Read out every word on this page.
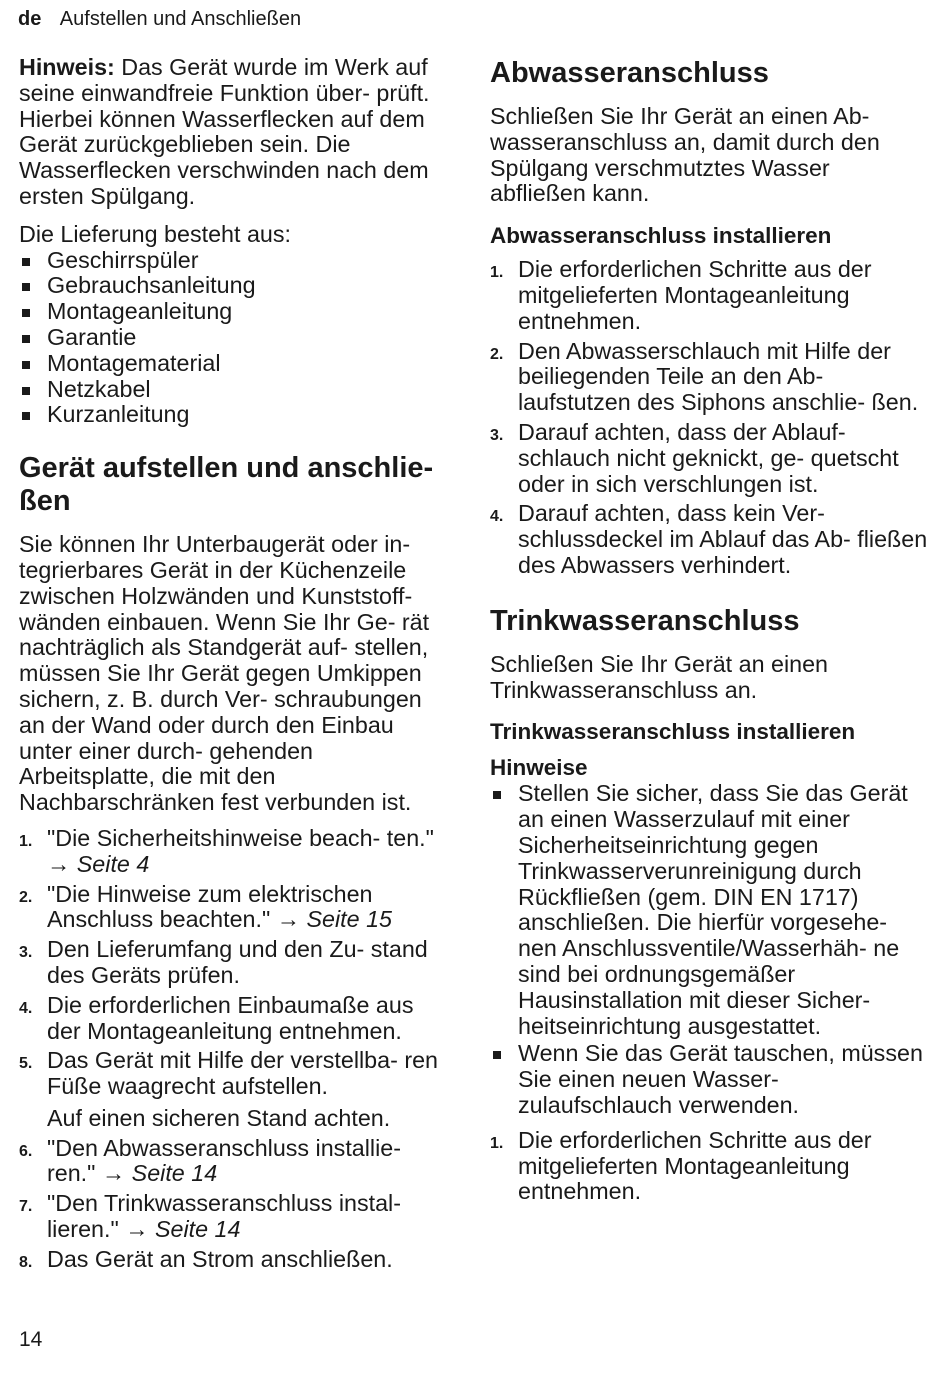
de Aufstellen und Anschließen

Hinweis: Das Gerät wurde im Werk auf seine einwandfreie Funktion über- prüft. Hierbei können Wasserflecken auf dem Gerät zurückgeblieben sein. Die Wasserflecken verschwinden nach dem ersten Spülgang.

Die Lieferung besteht aus:

Geschirrspüler
Gebrauchsanleitung
Montageanleitung
Garantie
Montagematerial
Netzkabel
Kurzanleitung
Gerät aufstellen und anschlie- ßen

Sie können Ihr Unterbaugerät oder in- tegrierbares Gerät in der Küchenzeile zwischen Holzwänden und Kunststoff- wänden einbauen. Wenn Sie Ihr Ge- rät nachträglich als Standgerät auf- stellen, müssen Sie Ihr Gerät gegen Umkippen sichern, z. B. durch Ver- schraubungen an der Wand oder durch den Einbau unter einer durch- gehenden Arbeitsplatte, die mit den Nachbarschränken fest verbunden ist.

1. "Die Sicherheitshinweise beach- ten." → Seite 4
2. "Die Hinweise zum elektrischen Anschluss beachten." → Seite 15
3. Den Lieferumfang und den Zu- stand des Geräts prüfen.
4. Die erforderlichen Einbaumaße aus der Montageanleitung entnehmen.
5. Das Gerät mit Hilfe der verstellba- ren Füße waagrecht aufstellen.
Auf einen sicheren Stand achten.
6. "Den Abwasseranschluss installie- ren." → Seite 14
7. "Den Trinkwasseranschluss instal- lieren." → Seite 14
8. Das Gerät an Strom anschließen.
Abwasseranschluss

Schließen Sie Ihr Gerät an einen Ab- wasseranschluss an, damit durch den Spülgang verschmutztes Wasser abfließen kann.

Abwasseranschluss installieren
1. Die erforderlichen Schritte aus der mitgelieferten Montageanleitung entnehmen.
2. Den Abwasserschlauch mit Hilfe der beiliegenden Teile an den Ab- laufstutzen des Siphons anschlie- ßen.
3. Darauf achten, dass der Ablauf- schlauch nicht geknickt, ge- quetscht oder in sich verschlungen ist.
4. Darauf achten, dass kein Ver- schlussdeckel im Ablauf das Ab- fließen des Abwassers verhindert.
Trinkwasseranschluss

Schließen Sie Ihr Gerät an einen Trinkwasseranschluss an.

Trinkwasseranschluss installieren
Hinweise
Stellen Sie sicher, dass Sie das Gerät an einen Wasserzulauf mit einer Sicherheitseinrichtung gegen Trinkwasserverunreinigung durch Rückfließen (gem. DIN EN 1717) anschließen. Die hierfür vorgesehe- nen Anschlussventile/Wasserhäh- ne sind bei ordnungsgemäßer Hausinstallation mit dieser Sicher- heitseinrichtung ausgestattet.
Wenn Sie das Gerät tauschen, müssen Sie einen neuen Wasser- zulaufschlauch verwenden.
1. Die erforderlichen Schritte aus der mitgelieferten Montageanleitung entnehmen.
14
